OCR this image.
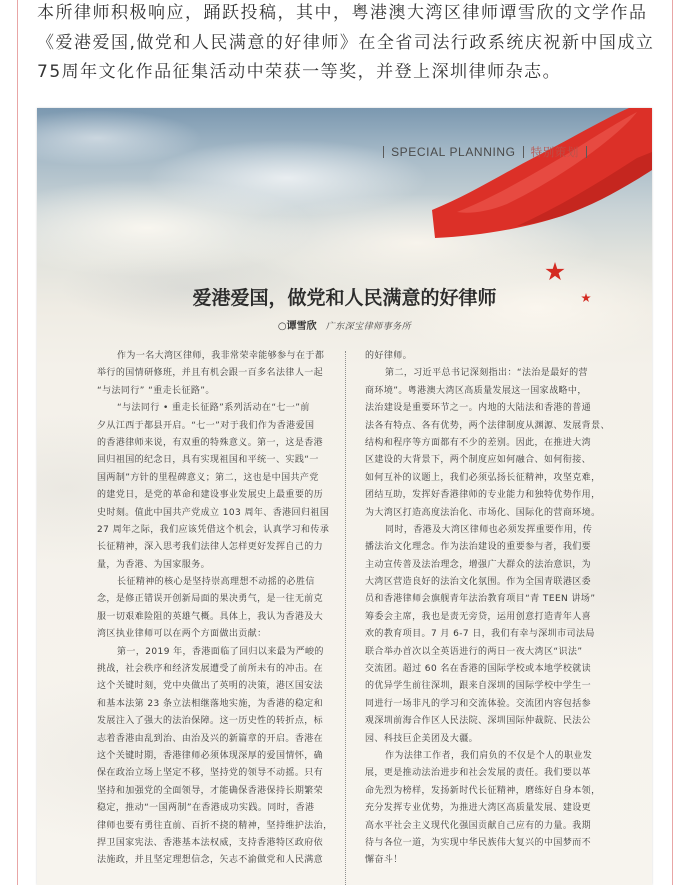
本所律师积极响应，踊跃投稿，其中，粤港澳大湾区律师谭雪欣的文学作品
《爱港爱国,做党和人民满意的好律师》在全省司法行政系统庆祝新中国成立
75周年文化作品征集活动中荣获一等奖，并登上深圳律师杂志。
SPECIAL PLANNING 特别策划
爱港爱国，做党和人民满意的好律师
○谭雪欣 广东深宝律师事务所
作为一名大湾区律师，我非常荣幸能够参与在于都
举行的国情研修班，并且有机会跟一百多名法律人一起
“与法同行” “重走长征路”。
“与法同行 • 重走长征路”系列活动在“七一”前
夕从江西于都县开启。“七一”对于我们作为香港爱国
的香港律师来说，有双重的特殊意义。第一，这是香港
回归祖国的纪念日，具有实现祖国和平统一、实践“一
国两制”方针的里程碑意义；第二，这也是中国共产党
的建党日，是党的革命和建设事业发展史上最重要的历
史时刻。值此中国共产党成立 103 周年、香港回归祖国
27 周年之际，我们应该凭借这个机会，认真学习和传承
长征精神，深入思考我们法律人怎样更好发挥自己的力
量，为香港、为国家服务。
长征精神的核心是坚持崇高理想不动摇的必胜信
念，是修正错误开创新局面的果决勇气，是一往无前克
服一切艰难险阻的英雄气概。具体上，我认为香港及大
湾区执业律师可以在两个方面做出贡献：
第一，2019 年，香港面临了回归以来最为严峻的
挑战，社会秩序和经济发展遭受了前所未有的冲击。在
这个关键时刻，党中央做出了英明的决策，港区国安法
和基本法第 23 条立法相继落地实施，为香港的稳定和
发展注入了强大的法治保障。这一历史性的转折点，标
志着香港由乱到治、由治及兴的新篇章的开启。香港在
这个关键时期，香港律师必须体现深厚的爱国情怀，确
保在政治立场上坚定不移，坚持党的领导不动摇。只有
坚持和加强党的全面领导，才能确保香港保持长期繁荣
稳定，推动“一国两制”在香港成功实践。同时，香港
律师也要有勇往直前、百折不挠的精神，坚持维护法治，
捍卫国家宪法、香港基本法权威，支持香港特区政府依
法施政，并且坚定理想信念，矢志不渝做党和人民满意
的好律师。
第二，习近平总书记深刻指出：“法治是最好的营
商环境”。粤港澳大湾区高质量发展这一国家战略中，
法治建设是重要环节之一。内地的大陆法和香港的普通
法各有特点、各有优势，两个法律制度从渊源、发展背景、
结构和程序等方面都有不少的差别。因此，在推进大湾
区建设的大背景下，两个制度应如何融合、如何衔接、
如何互补的议题上，我们必须弘扬长征精神，攻坚克难，
团结互助，发挥好香港律师的专业能力和独特优势作用，
为大湾区打造高度法治化、市场化、国际化的营商环境。
同时，香港及大湾区律师也必须发挥重要作用，传
播法治文化理念。作为法治建设的重要参与者，我们要
主动宣传普及法治理念，增强广大群众的法治意识，为
大湾区营造良好的法治文化氛围。作为全国青联港区委
员和香港律师会旗舰青年法治教育项目“青 TEEN 讲场”
筹委会主席，我也是责无旁贷，运用创意打造青年人喜
欢的教育项目。7 月 6-7 日，我们有幸与深圳市司法局
联合举办首次以全英语进行的两日一夜大湾区“识法”
交流团。超过 60 名在香港的国际学校或本地学校就读
的优异学生前往深圳，跟来自深圳的国际学校中学生一
同进行一场非凡的学习和交流体验。交流团内容包括参
观深圳前海合作区人民法院、深圳国际仲裁院、民法公
园、科技巨企美团及大疆。
作为法律工作者，我们肩负的不仅是个人的职业发
展，更是推动法治进步和社会发展的责任。我们要以革
命先烈为榜样，发扬新时代长征精神，磨练好自身本领，
充分发挥专业优势，为推进大湾区高质量发展、建设更
高水平社会主义现代化强国贡献自己应有的力量。我期
待与各位一道，为实现中华民族伟大复兴的中国梦而不
懈奋斗！
